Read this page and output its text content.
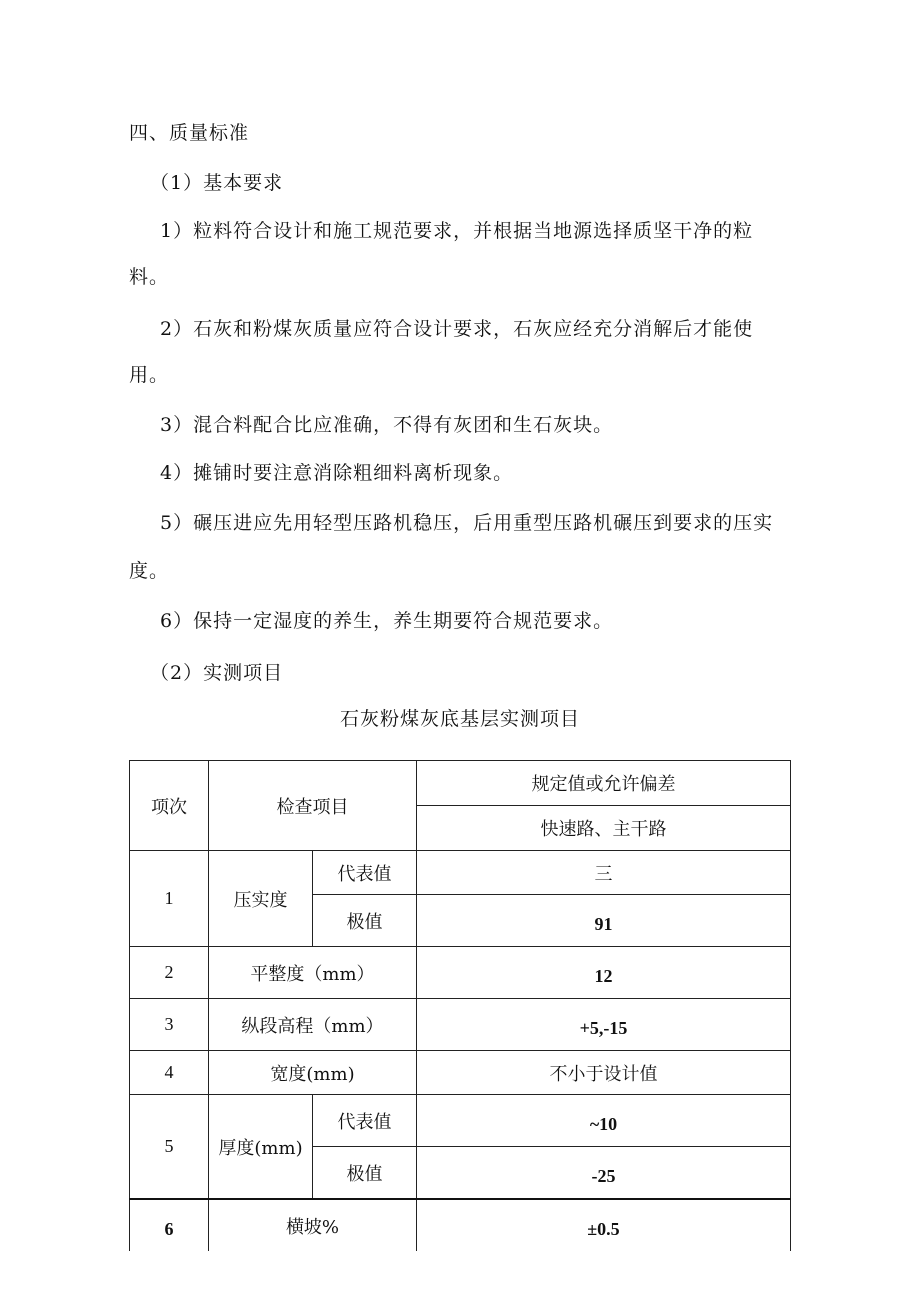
四、质量标准
（1）基本要求
1）粒料符合设计和施工规范要求，并根据当地源选择质坚干净的粒
料。
2）石灰和粉煤灰质量应符合设计要求，石灰应经充分消解后才能使
用。
3）混合料配合比应准确，不得有灰团和生石灰块。
4）摊铺时要注意消除粗细料离析现象。
5）碾压进应先用轻型压路机稳压，后用重型压路机碾压到要求的压实
度。
6）保持一定湿度的养生，养生期要符合规范要求。
（2）实测项目
石灰粉煤灰底基层实测项目
项次	检查项目		规定值或允许偏差
			快速路、主干路
1	压实度	代表值	三
		极值	91
2	平整度（mm）		12
3	纵段高程（mm）		+5,-15
4	宽度(mm)		不小于设计值
5	厚度(mm)	代表值	~10
		极值	-25
6	横坡%		±0.5
